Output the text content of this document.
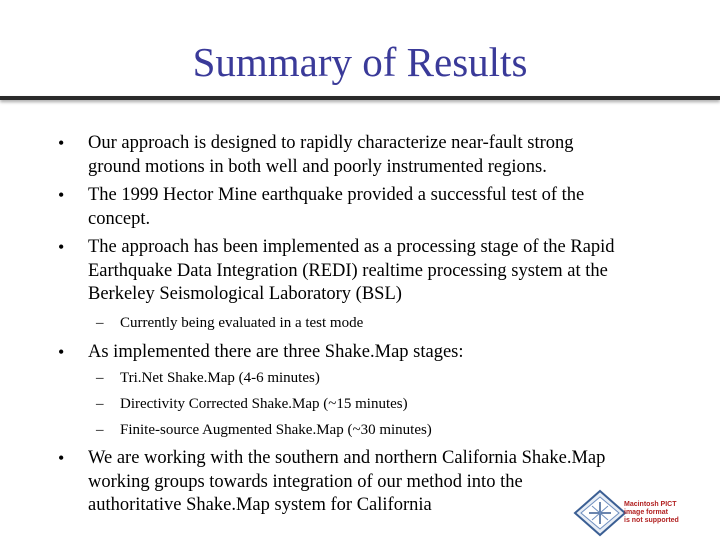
Summary of Results
• Our approach is designed to rapidly characterize near-fault strong
ground motions in both well and poorly instrumented regions.
• The 1999 Hector Mine earthquake provided a successful test of the
concept.
• The approach has been implemented as a processing stage of the Rapid
Earthquake Data Integration (REDI) realtime processing system at the
Berkeley Seismological Laboratory (BSL)
– Currently being evaluated in a test mode
• As implemented there are three Shake.Map stages:
– Tri.Net Shake.Map (4-6 minutes)
– Directivity Corrected Shake.Map (~15 minutes)
– Finite-source Augmented Shake.Map (~30 minutes)
• We are working with the southern and northern California Shake.Map
working groups towards integration of our method into the
authoritative Shake.Map system for California	Macintosh PICT
image format
is not supported
